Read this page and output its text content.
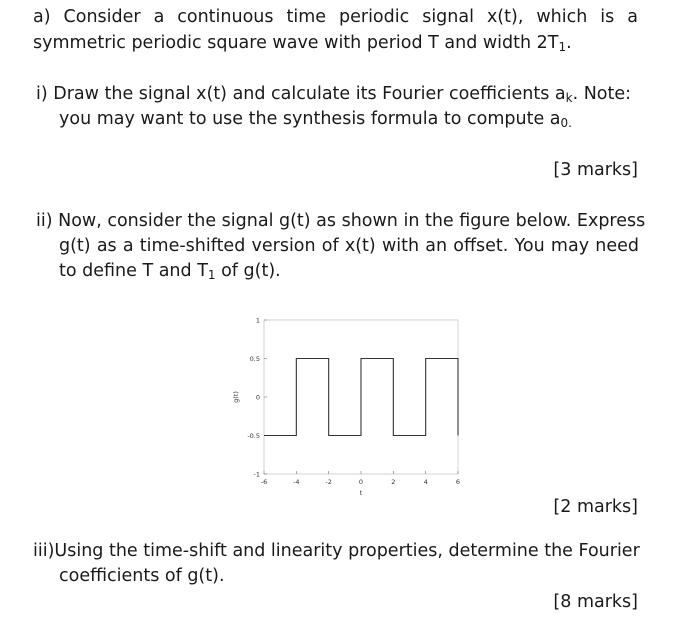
a) Consider a continuous time periodic signal x(t), which is a
symmetric periodic square wave with period T and width $2T_1$.
i) Draw the signal x(t) and calculate its Fourier coefficients $a_k$. Note:
you may want to use the synthesis formula to compute $a_{0.}$
[3 marks]
ii) Now, consider the signal g(t) as shown in the figure below. Express
g(t) as a time-shifted version of x(t) with an offset. You may need
to define T and $T_1$ of g(t).
-6	-4	-2	0	2	4	6
1
0.5
0
-0.5
-1
t
g(t)
[2 marks]
iii)Using the time-shift and linearity properties, determine the Fourier
coefficients of g(t).
[8 marks]
